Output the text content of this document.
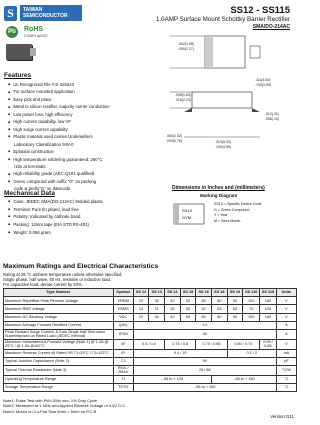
S	TAIWAN
SEMICONDUCTOR	SS12 - SS115
1.0AMP Surface Mount Schottky Barrier Rectifier
SMA/DO-214AC
Pb	RoHS
COMPLIANCE
.062(1.58)
.050(1.27)
.111(4.60)
.100(3.90)
.008(1.60)
.018(2.23)
.012(.31)
.006(.15)
.060(1.52)
.030(0.76)	.210(5.33)
.190(4.95)
Features
◆ UL Recognized File # E-326243
◆ For surface mounted application
◆ Easy pick and place
◆ Metal to silicon rectifier, majority carrier conduction
◆ Low power loss, high efficiency
◆ High current capability, low VF
◆ High surge current capability
◆ Plastic material used carries Underwriters
Laboratory Classification 94V-0
◆ Epitaxial construction
◆ High temperature soldering guaranteed: 260°C
/10s at terminals
◆ High reliability grade (AEC-Q101 qualified)
◆ Green compound with suffix "G" on packing
code & prefix"G" on datecode
Mechanical Data
◆ Case: JEDEC SMA(DO-214AC) Molded plastic
◆ Terminal: Pure tin plated, lead free
◆ Polarity: Indicated by cathode band
◆ Packing: 12mm tape (EIA STD RS-481)
◆ Weight: 0.066 gram
Dimensions in Inches and (millimeters)
Marking Diagram
SS1X
GYM
SS1X = Specific Device Code
G = Green Compound
Y = Year
M = Work Month
Maximum Ratings and Electrical Characteristics
Rating at 25 °C ambient temperature unless otherwise specified.
Single phase, half wave, 60 Hz, resistive or inductive load.
For capacitive load, derate current by 20%.
Type Number	Symbol	SS 12	SS 13	SS 14	SS 15	SS 16	SS 18	SS 19	SS 110	SS 115	Units
Maximum Repetitive Peak Reverse Voltage	VRRM	20	30	40	50	60	80	90	100	150	V
Maximum RMS Voltage	VRMS	14	21	28	35	42	63	63	70	105	V
Maximum DC Blocking Voltage	VDC	20	30	40	50	60	80	90	100	150	V
Maximum Average Forward Rectified Current	I(AV)	1.0									A
Peak Forward Surge Current, 8.3 ms Single Half Sine-wave Superimposed on Rated Load (JEDEC method)	IFSM	30									A
Maximum Instantaneous Forward Voltage (Note 1) @ 1.0A @ 25°C / @ 1.0A @100°C	VF	0.5 / 0.4		0.75 / 0.6		0.70 / 0.65		0.80 / 0.70		0.95 / 0.85	V
Maximum Reverse Current @ Rated VR TJ=25°C / TJ=125°C	IR	0.4 / 10						0.1 / 2			mA
Typical Junction Capacitance (Note 2)	CJ	50									pF
Typical Thermal Resistance (Note 3)	RθJL / RθJA	28 / 88									°C/W
Operating Temperature Range	TJ	- 65 to + 125					- 65 to + 150				°C
Storage Temperature Range	TSTG	- 65 to + 150									°C
Note1: Pulse Test with PW=300u sec, 1% Duty Cycle
Note2: Measured at 1 MHz and Applied Reverse Voltage of 4.0V D.C.
Note3: Mount on Cu-Pad Size 5mm × 5mm on P.C.B.
Version:G11
